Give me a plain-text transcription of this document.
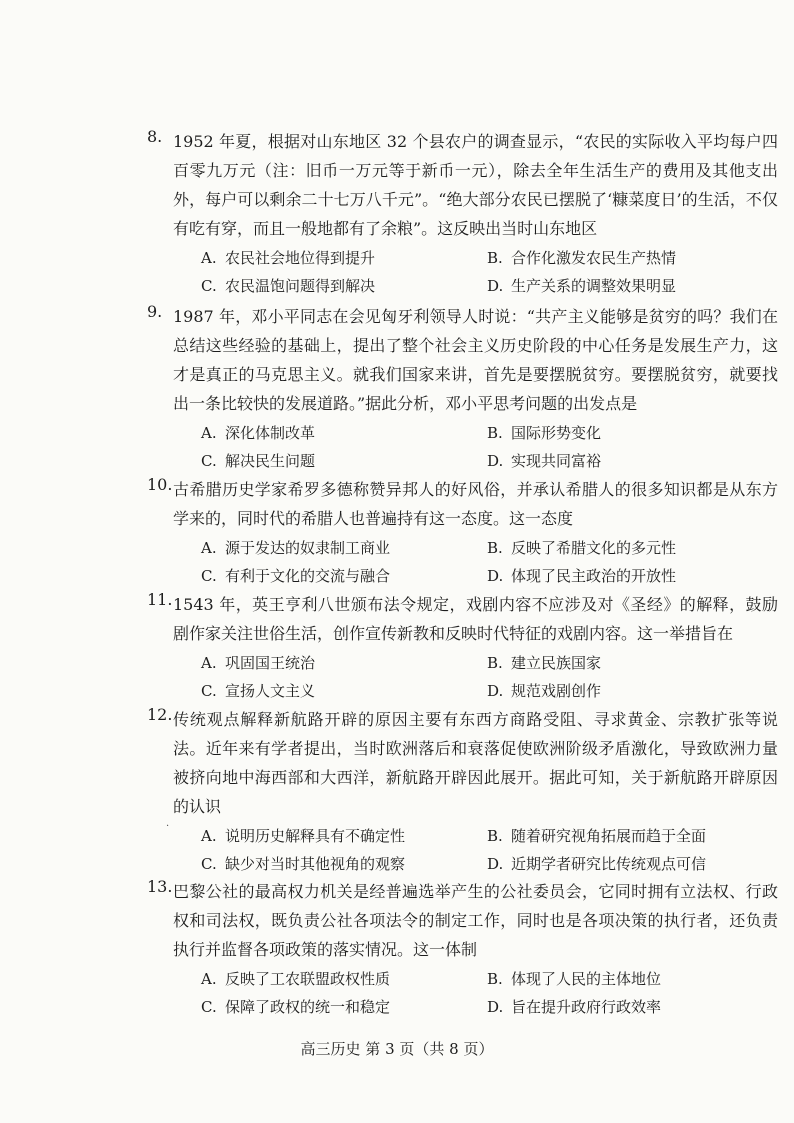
8. 1952 年夏，根据对山东地区 32 个县农户的调查显示，“农民的实际收入平均每户四百零九万元（注：旧币一万元等于新币一元），除去全年生活生产的费用及其他支出外，每户可以剩余二十七万八千元”。“绝大部分农民已摆脱了‘糠菜度日’的生活，不仅有吃有穿，而且一般地都有了余粮”。这反映出当时山东地区
A. 农民社会地位得到提升	B. 合作化激发农民生产热情
C. 农民温饱问题得到解决	D. 生产关系的调整效果明显
9. 1987 年，邓小平同志在会见匈牙利领导人时说：“共产主义能够是贫穷的吗？我们在总结这些经验的基础上，提出了整个社会主义历史阶段的中心任务是发展生产力，这才是真正的马克思主义。就我们国家来讲，首先是要摆脱贫穷。要摆脱贫穷，就要找出一条比较快的发展道路。”据此分析，邓小平思考问题的出发点是
A. 深化体制改革	B. 国际形势变化
C. 解决民生问题	D. 实现共同富裕
10. 古希腊历史学家希罗多德称赞异邦人的好风俗，并承认希腊人的很多知识都是从东方学来的，同时代的希腊人也普遍持有这一态度。这一态度
A. 源于发达的奴隶制工商业	B. 反映了希腊文化的多元性
C. 有利于文化的交流与融合	D. 体现了民主政治的开放性
11. 1543 年，英王亨利八世颁布法令规定，戏剧内容不应涉及对《圣经》的解释，鼓励剧作家关注世俗生活，创作宣传新教和反映时代特征的戏剧内容。这一举措旨在
A. 巩固国王统治	B. 建立民族国家
C. 宣扬人文主义	D. 规范戏剧创作
12. 传统观点解释新航路开辟的原因主要有东西方商路受阻、寻求黄金、宗教扩张等说法。近年来有学者提出，当时欧洲落后和衰落促使欧洲阶级矛盾激化，导致欧洲力量被挤向地中海西部和大西洋，新航路开辟因此展开。据此可知，关于新航路开辟原因的认识
A. 说明历史解释具有不确定性	B. 随着研究视角拓展而趋于全面
C. 缺少对当时其他视角的观察	D. 近期学者研究比传统观点可信
13. 巴黎公社的最高权力机关是经普遍选举产生的公社委员会，它同时拥有立法权、行政权和司法权，既负责公社各项法令的制定工作，同时也是各项决策的执行者，还负责执行并监督各项政策的落实情况。这一体制
A. 反映了工农联盟政权性质	B. 体现了人民的主体地位
C. 保障了政权的统一和稳定	D. 旨在提升政府行政效率
·
高三历史 第 3 页（共 8 页）
